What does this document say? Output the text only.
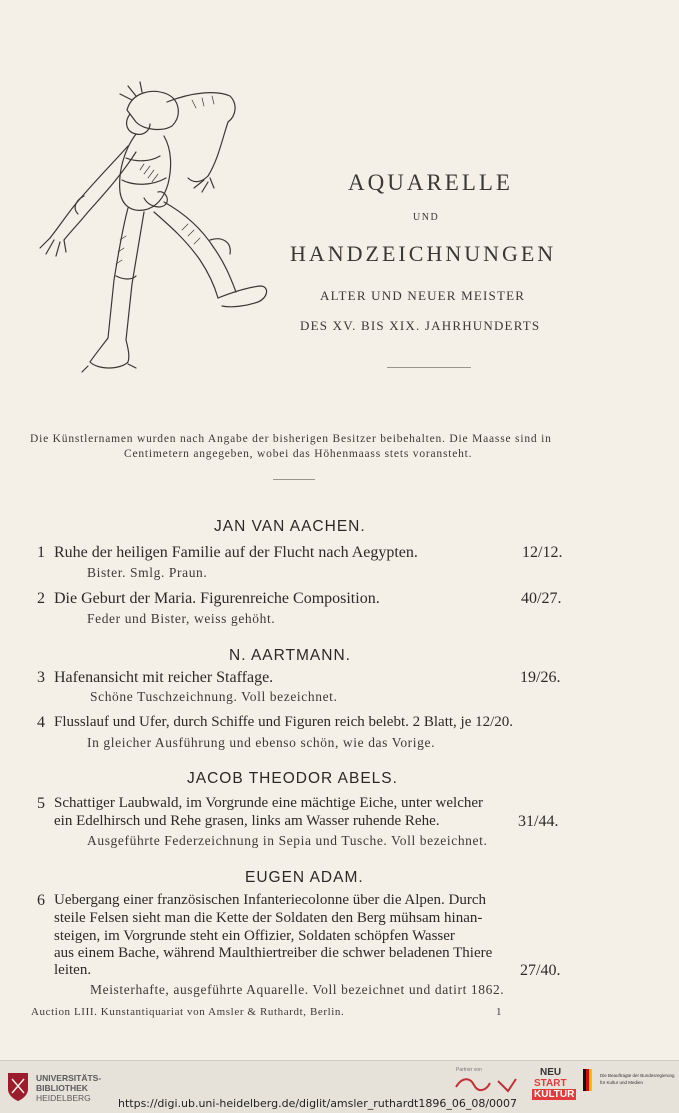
AQUARELLE
UND
HANDZEICHNUNGEN
ALTER UND NEUER MEISTER
DES XV. BIS XIX. JAHRHUNDERTS
Die Künstlernamen wurden nach Angabe der bisherigen Besitzer beibehalten. Die Maasse sind in
Centimetern angegeben, wobei das Höhenmaass stets voransteht.
JAN VAN AACHEN.
1 Ruhe der heiligen Familie auf der Flucht nach Aegypten.	12/12.
Bister. Smlg. Praun.
2 Die Geburt der Maria. Figurenreiche Composition.	40/27.
Feder und Bister, weiss gehöht.
N. AARTMANN.
3 Hafenansicht mit reicher Staffage.	19/26.
Schöne Tuschzeichnung. Voll bezeichnet.
4 Flusslauf und Ufer, durch Schiffe und Figuren reich belebt. 2 Blatt, je 12/20.
In gleicher Ausführung und ebenso schön, wie das Vorige.
JACOB THEODOR ABELS.
5 Schattiger Laubwald, im Vorgrunde eine mächtige Eiche, unter welcher
ein Edelhirsch und Rehe grasen, links am Wasser ruhende Rehe.	31/44.
Ausgeführte Federzeichnung in Sepia und Tusche. Voll bezeichnet.
EUGEN ADAM.
6 Uebergang einer französischen Infanteriecolonne über die Alpen. Durch
steile Felsen sieht man die Kette der Soldaten den Berg mühsam hinan-
steigen, im Vorgrunde steht ein Offizier, Soldaten schöpfen Wasser
aus einem Bache, während Maulthiertreiber die schwer beladenen Thiere
leiten.	27/40.
Meisterhafte, ausgeführte Aquarelle. Voll bezeichnet und datirt 1862.
Auction LIII. Kunstantiquariat von Amsler & Ruthardt, Berlin.	1
UNIVERSITÄTS-
BIBLIOTHEK
HEIDELBERG https://digi.ub.uni-heidelberg.de/diglit/amsler_ruthardt1896_06_08/0007
Partner von	NEU
START
KULTUR
Die Beauftragte der Bundesregierung
für Kultur und Medien
